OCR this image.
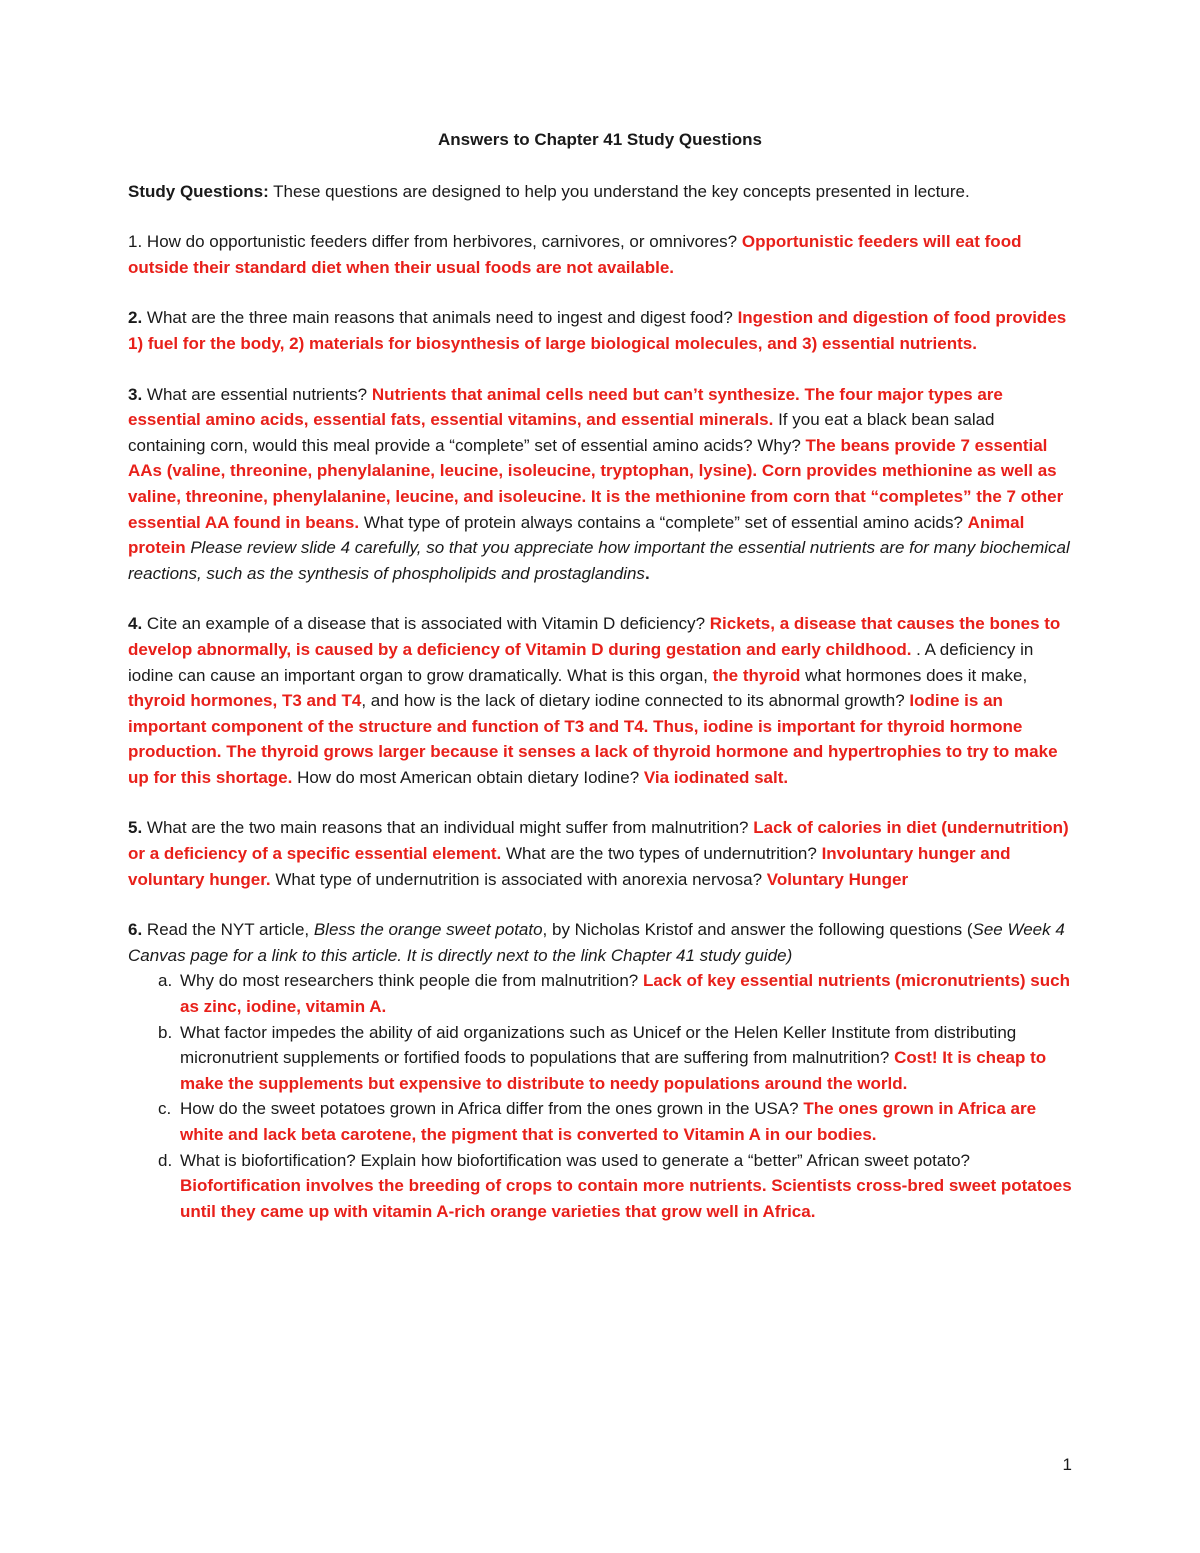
Answers to Chapter 41 Study Questions

Study Questions: These questions are designed to help you understand the key concepts presented in lecture.

1. How do opportunistic feeders differ from herbivores, carnivores, or omnivores? Opportunistic feeders will eat food outside their standard diet when their usual foods are not available.

2. What are the three main reasons that animals need to ingest and digest food? Ingestion and digestion of food provides 1) fuel for the body, 2) materials for biosynthesis of large biological molecules, and 3) essential nutrients.

3. What are essential nutrients? Nutrients that animal cells need but can’t synthesize. The four major types are essential amino acids, essential fats, essential vitamins, and essential minerals. If you eat a black bean salad containing corn, would this meal provide a “complete” set of essential amino acids? Why? The beans provide 7 essential AAs (valine, threonine, phenylalanine, leucine, isoleucine, tryptophan, lysine). Corn provides methionine as well as valine, threonine, phenylalanine, leucine, and isoleucine. It is the methionine from corn that “completes” the 7 other essential AA found in beans. What type of protein always contains a “complete” set of essential amino acids? Animal protein Please review slide 4 carefully, so that you appreciate how important the essential nutrients are for many biochemical reactions, such as the synthesis of phospholipids and prostaglandins.

4. Cite an example of a disease that is associated with Vitamin D deficiency? Rickets, a disease that causes the bones to develop abnormally, is caused by a deficiency of Vitamin D during gestation and early childhood. . A deficiency in iodine can cause an important organ to grow dramatically. What is this organ, the thyroid what hormones does it make, thyroid hormones, T3 and T4, and how is the lack of dietary iodine connected to its abnormal growth? Iodine is an important component of the structure and function of T3 and T4. Thus, iodine is important for thyroid hormone production. The thyroid grows larger because it senses a lack of thyroid hormone and hypertrophies to try to make up for this shortage. How do most American obtain dietary Iodine? Via iodinated salt.

5. What are the two main reasons that an individual might suffer from malnutrition? Lack of calories in diet (undernutrition) or a deficiency of a specific essential element. What are the two types of undernutrition? Involuntary hunger and voluntary hunger. What type of undernutrition is associated with anorexia nervosa? Voluntary Hunger

6. Read the NYT article, Bless the orange sweet potato, by Nicholas Kristof and answer the following questions (See Week 4 Canvas page for a link to this article. It is directly next to the link Chapter 41 study guide)
a. Why do most researchers think people die from malnutrition? Lack of key essential nutrients (micronutrients) such as zinc, iodine, vitamin A.
b. What factor impedes the ability of aid organizations such as Unicef or the Helen Keller Institute from distributing micronutrient supplements or fortified foods to populations that are suffering from malnutrition? Cost! It is cheap to make the supplements but expensive to distribute to needy populations around the world.
c. How do the sweet potatoes grown in Africa differ from the ones grown in the USA? The ones grown in Africa are white and lack beta carotene, the pigment that is converted to Vitamin A in our bodies.
d. What is biofortification? Explain how biofortification was used to generate a “better” African sweet potato? Biofortification involves the breeding of crops to contain more nutrients. Scientists cross-bred sweet potatoes until they came up with vitamin A-rich orange varieties that grow well in Africa.
1
